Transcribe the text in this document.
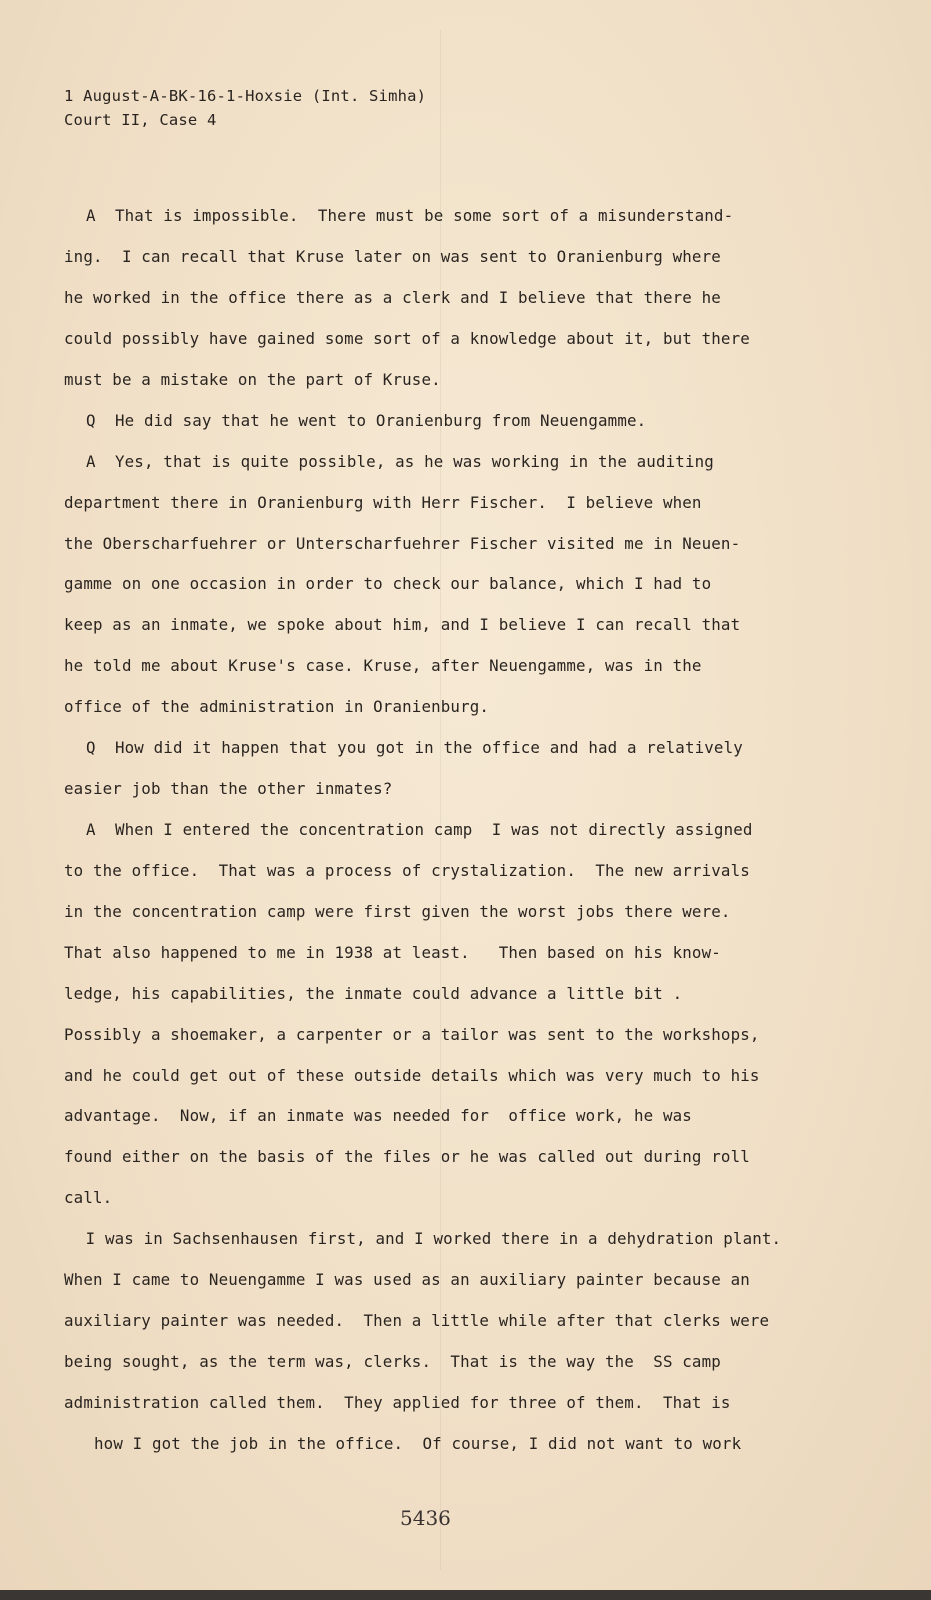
1 August-A-BK-16-1-Hoxsie (Int. Simha)
Court II, Case 4
A  That is impossible.  There must be some sort of a misunderstand-
ing.  I can recall that Kruse later on was sent to Oranienburg where
he worked in the office there as a clerk and I believe that there he
could possibly have gained some sort of a knowledge about it, but there
must be a mistake on the part of Kruse.
Q  He did say that he went to Oranienburg from Neuengamme.
A  Yes, that is quite possible, as he was working in the auditing
department there in Oranienburg with Herr Fischer.  I believe when
the Oberscharfuehrer or Unterscharfuehrer Fischer visited me in Neuen-
gamme on one occasion in order to check our balance, which I had to
keep as an inmate, we spoke about him, and I believe I can recall that
he told me about Kruse's case. Kruse, after Neuengamme, was in the
office of the administration in Oranienburg.
Q  How did it happen that you got in the office and had a relatively
easier job than the other inmates?
A  When I entered the concentration camp  I was not directly assigned
to the office.  That was a process of crystalization.  The new arrivals
in the concentration camp were first given the worst jobs there were.
That also happened to me in 1938 at least.   Then based on his know-
ledge, his capabilities, the inmate could advance a little bit .
Possibly a shoemaker, a carpenter or a tailor was sent to the workshops,
and he could get out of these outside details which was very much to his
advantage.  Now, if an inmate was needed for  office work, he was
found either on the basis of the files or he was called out during roll
call.
I was in Sachsenhausen first, and I worked there in a dehydration plant.
When I came to Neuengamme I was used as an auxiliary painter because an
auxiliary painter was needed.  Then a little while after that clerks were
being sought, as the term was, clerks.  That is the way the  SS camp
administration called them.  They applied for three of them.  That is
how I got the job in the office.  Of course, I did not want to work
5436
